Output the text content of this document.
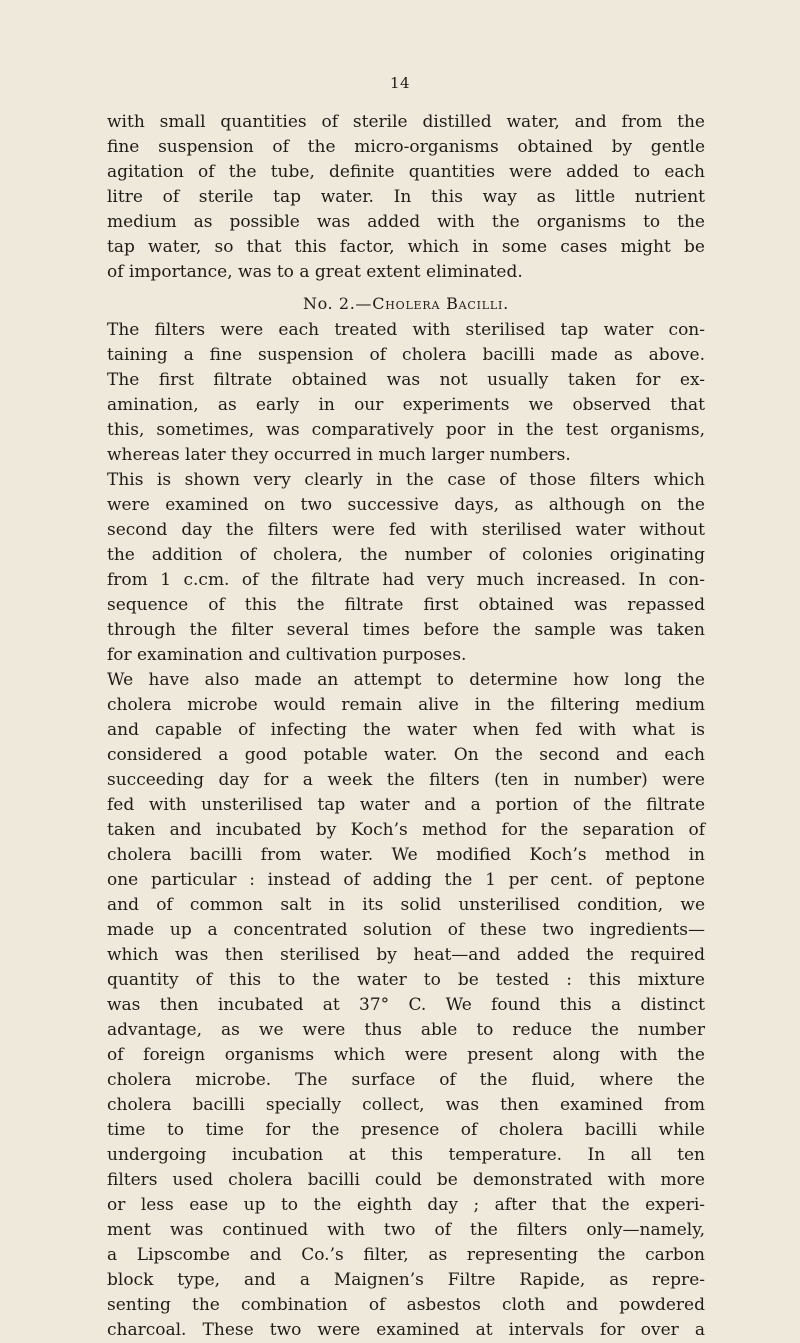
14
with small quantities of sterile distilled water, and from the
fine suspension of the micro-organisms obtained by gentle
agitation of the tube, definite quantities were added to each
litre of sterile tap water. In this way as little nutrient
medium as possible was added with the organisms to the
tap water, so that this factor, which in some cases might be
of importance, was to a great extent eliminated.
No. 2.—Cholera Bacilli.
The filters were each treated with sterilised tap water con-
taining a fine suspension of cholera bacilli made as above.
The first filtrate obtained was not usually taken for ex-
amination, as early in our experiments we observed that
this, sometimes, was comparatively poor in the test organisms,
whereas later they occurred in much larger numbers.
This is shown very clearly in the case of those filters which
were examined on two successive days, as although on the
second day the filters were fed with sterilised water without
the addition of cholera, the number of colonies originating
from 1 c.cm. of the filtrate had very much increased. In con-
sequence of this the filtrate first obtained was repassed
through the filter several times before the sample was taken
for examination and cultivation purposes.
We have also made an attempt to determine how long the
cholera microbe would remain alive in the filtering medium
and capable of infecting the water when fed with what is
considered a good potable water. On the second and each
succeeding day for a week the filters (ten in number) were
fed with unsterilised tap water and a portion of the filtrate
taken and incubated by Koch’s method for the separation of
cholera bacilli from water. We modified Koch’s method in
one particular : instead of adding the 1 per cent. of peptone
and of common salt in its solid unsterilised condition, we
made up a concentrated solution of these two ingredients—
which was then sterilised by heat—and added the required
quantity of this to the water to be tested : this mixture
was then incubated at 37° C. We found this a distinct
advantage, as we were thus able to reduce the number
of foreign organisms which were present along with the
cholera microbe. The surface of the fluid, where the
cholera bacilli specially collect, was then examined from
time to time for the presence of cholera bacilli while
undergoing incubation at this temperature. In all ten
filters used cholera bacilli could be demonstrated with more
or less ease up to the eighth day ; after that the experi-
ment was continued with two of the filters only—namely,
a Lipscombe and Co.’s filter, as representing the carbon
block type, and a Maignen’s Filtre Rapide, as repre-
senting the combination of asbestos cloth and powdered
charcoal. These two were examined at intervals for over a
